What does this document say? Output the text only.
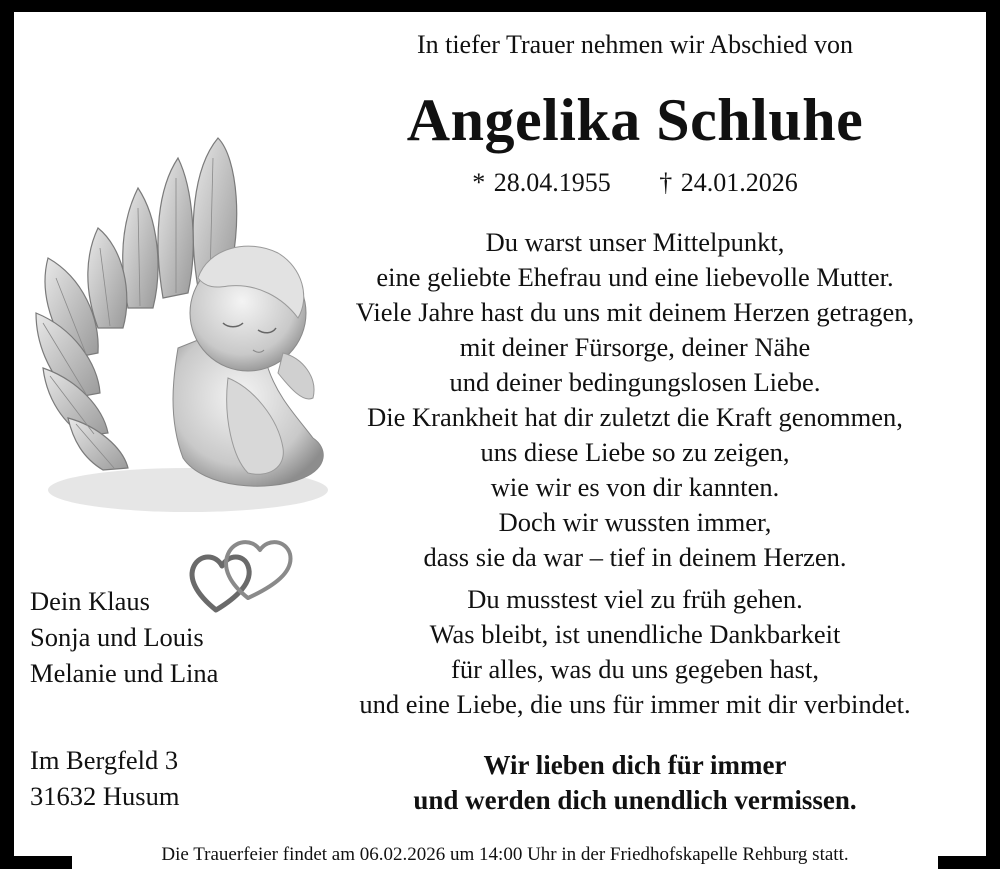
In tiefer Trauer nehmen wir Abschied von
Angelika Schluhe
* 28.04.1955 † 24.01.2026
Du warst unser Mittelpunkt,
eine geliebte Ehefrau und eine liebevolle Mutter.
Viele Jahre hast du uns mit deinem Herzen getragen,
mit deiner Fürsorge, deiner Nähe
und deiner bedingungslosen Liebe.
Die Krankheit hat dir zuletzt die Kraft genommen,
uns diese Liebe so zu zeigen,
wie wir es von dir kannten.
Doch wir wussten immer,
dass sie da war – tief in deinem Herzen.
Du musstest viel zu früh gehen.
Was bleibt, ist unendliche Dankbarkeit
für alles, was du uns gegeben hast,
und eine Liebe, die uns für immer mit dir verbindet.
Wir lieben dich für immer
und werden dich unendlich vermissen.
Dein Klaus
Sonja und Louis
Melanie und Lina
Im Bergfeld 3
31632 Husum
Die Trauerfeier findet am 06.02.2026 um 14:00 Uhr in der Friedhofskapelle Rehburg statt.
